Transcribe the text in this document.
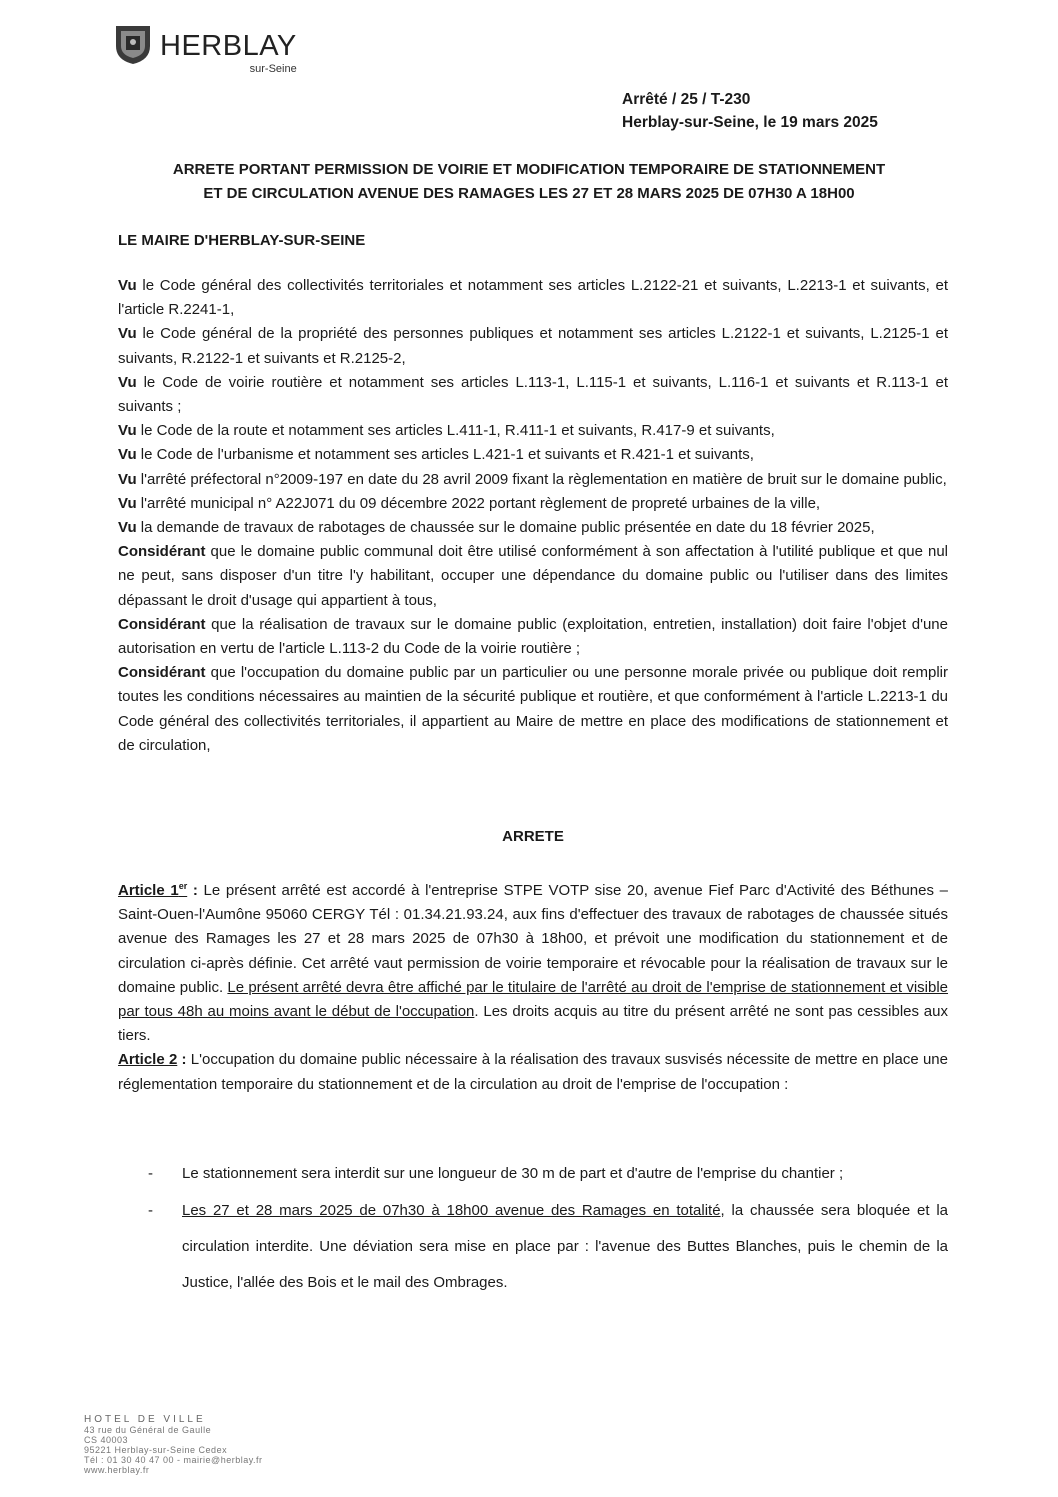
HERBLAY
sur-Seine
Arrêté / 25 / T-230
Herblay-sur-Seine, le 19 mars 2025
ARRETE PORTANT PERMISSION DE VOIRIE ET MODIFICATION TEMPORAIRE DE STATIONNEMENT
ET DE CIRCULATION AVENUE DES RAMAGES LES 27 ET 28 MARS 2025 DE 07H30 A 18H00
LE MAIRE D'HERBLAY-SUR-SEINE

Vu le Code général des collectivités territoriales et notamment ses articles L.2122-21 et suivants, L.2213-1 et suivants, et l'article R.2241-1,

Vu le Code général de la propriété des personnes publiques et notamment ses articles L.2122-1 et suivants, L.2125-1 et suivants, R.2122-1 et suivants et R.2125-2,

Vu le Code de voirie routière et notamment ses articles L.113-1, L.115-1 et suivants, L.116-1 et suivants et R.113-1 et suivants ;

Vu le Code de la route et notamment ses articles L.411-1, R.411-1 et suivants, R.417-9 et suivants,

Vu le Code de l'urbanisme et notamment ses articles L.421-1 et suivants et R.421-1 et suivants,

Vu l'arrêté préfectoral n°2009-197 en date du 28 avril 2009 fixant la règlementation en matière de bruit sur le domaine public,

Vu l'arrêté municipal n° A22J071 du 09 décembre 2022 portant règlement de propreté urbaines de la ville,

Vu la demande de travaux de rabotages de chaussée sur le domaine public présentée en date du 18 février 2025,

Considérant que le domaine public communal doit être utilisé conformément à son affectation à l'utilité publique et que nul ne peut, sans disposer d'un titre l'y habilitant, occuper une dépendance du domaine public ou l'utiliser dans des limites dépassant le droit d'usage qui appartient à tous,

Considérant que la réalisation de travaux sur le domaine public (exploitation, entretien, installation) doit faire l'objet d'une autorisation en vertu de l'article L.113-2 du Code de la voirie routière ;

Considérant que l'occupation du domaine public par un particulier ou une personne morale privée ou publique doit remplir toutes les conditions nécessaires au maintien de la sécurité publique et routière, et que conformément à l'article L.2213-1 du Code général des collectivités territoriales, il appartient au Maire de mettre en place des modifications de stationnement et de circulation,

ARRETE

Article 1er : Le présent arrêté est accordé à l'entreprise STPE VOTP sise 20, avenue Fief Parc d'Activité des Béthunes – Saint-Ouen-l'Aumône 95060 CERGY Tél : 01.34.21.93.24, aux fins d'effectuer des travaux de rabotages de chaussée situés avenue des Ramages les 27 et 28 mars 2025 de 07h30 à 18h00, et prévoit une modification du stationnement et de circulation ci-après définie. Cet arrêté vaut permission de voirie temporaire et révocable pour la réalisation de travaux sur le domaine public. Le présent arrêté devra être affiché par le titulaire de l'arrêté au droit de l'emprise de stationnement et visible par tous 48h au moins avant le début de l'occupation. Les droits acquis au titre du présent arrêté ne sont pas cessibles aux tiers.

Article 2 : L'occupation du domaine public nécessaire à la réalisation des travaux susvisés nécessite de mettre en place une réglementation temporaire du stationnement et de la circulation au droit de l'emprise de l'occupation :

-	Le stationnement sera interdit sur une longueur de 30 m de part et d'autre de l'emprise du chantier ;
-	Les 27 et 28 mars 2025 de 07h30 à 18h00 avenue des Ramages en totalité, la chaussée sera bloquée et la circulation interdite. Une déviation sera mise en place par : l'avenue des Buttes Blanches, puis le chemin de la Justice, l'allée des Bois et le mail des Ombrages.
HOTEL DE VILLE
43 rue du Général de Gaulle
CS 40003
95221 Herblay-sur-Seine Cedex
Tél : 01 30 40 47 00 - mairie@herblay.fr
www.herblay.fr
